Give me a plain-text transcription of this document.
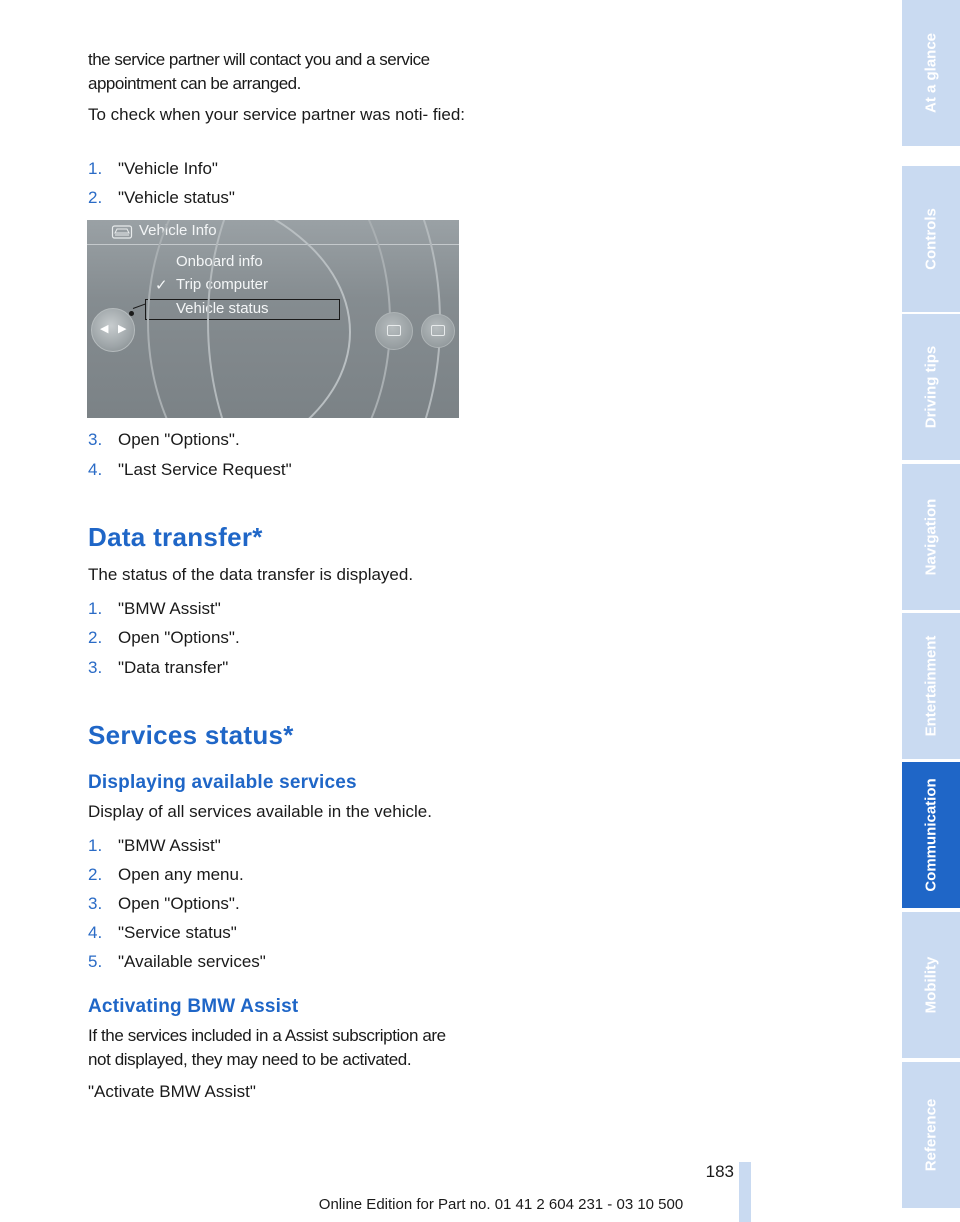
the service partner will contact you and a service appointment can be arranged.

To check when your service partner was noti- fied:

1. "Vehicle Info"
2. "Vehicle status"
Vehicle Info
Onboard info
✓ Trip computer
Vehicle status
◀ ▶
3. Open "Options".
4. "Last Service Request"
Data transfer*
The status of the data transfer is displayed.
1. "BMW Assist"
2. Open "Options".
3. "Data transfer"
Services status*
Displaying available services
Display of all services available in the vehicle.
1. "BMW Assist"
2. Open any menu.
3. Open "Options".
4. "Service status"
5. "Available services"
Activating BMW Assist

If the services included in a Assist subscription are not displayed, they may need to be activated.

"Activate BMW Assist"

At a glance
Controls
Driving tips
Navigation
Entertainment
Communication
Mobility
Reference
183
Online Edition for Part no. 01 41 2 604 231 - 03 10 500
